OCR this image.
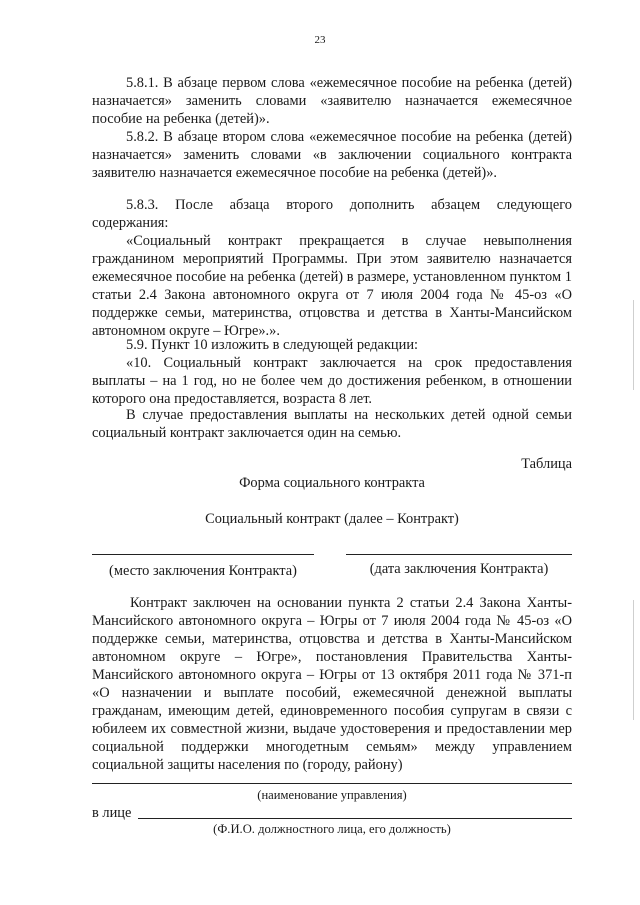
23
5.8.1. В абзаце первом слова «ежемесячное пособие на ребенка (детей) назначается» заменить словами «заявителю назначается ежемесячное пособие на ребенка (детей)».
5.8.2. В абзаце втором слова «ежемесячное пособие на ребенка (детей) назначается» заменить словами «в заключении социального контракта заявителю назначается ежемесячное пособие на ребенка (детей)».
5.8.3. После абзаца второго дополнить абзацем следующего содержания:
«Социальный контракт прекращается в случае невыполнения гражданином мероприятий Программы. При этом заявителю назначается ежемесячное пособие на ребенка (детей) в размере, установленном пунктом 1 статьи 2.4 Закона автономного округа от 7 июля 2004 года № 45-оз «О поддержке семьи, материнства, отцовства и детства в Ханты-Мансийском автономном округе – Югре».».
5.9. Пункт 10 изложить в следующей редакции:
«10. Социальный контракт заключается на срок предоставления выплаты – на 1 год, но не более чем до достижения ребенком, в отношении которого она предоставляется, возраста 8 лет.
В случае предоставления выплаты на нескольких детей одной семьи социальный контракт заключается один на семью.
Таблица
Форма социального контракта
Социальный контракт (далее – Контракт)
(место заключения Контракта)	(дата заключения Контракта)
Контракт заключен на основании пункта 2 статьи 2.4 Закона Ханты-Мансийского автономного округа – Югры от 7 июля 2004 года № 45-оз «О поддержке семьи, материнства, отцовства и детства в Ханты-Мансийском автономном округе – Югре», постановления Правительства Ханты-Мансийского автономного округа – Югры от 13 октября 2011 года № 371-п «О назначении и выплате пособий, ежемесячной денежной выплаты гражданам, имеющим детей, единовременного пособия супругам в связи с юбилеем их совместной жизни, выдаче удостоверения и предоставлении мер социальной поддержки многодетным семьям» между управлением социальной защиты населения по (городу, району)
(наименование управления)
в лице
(Ф.И.О. должностного лица, его должность)
